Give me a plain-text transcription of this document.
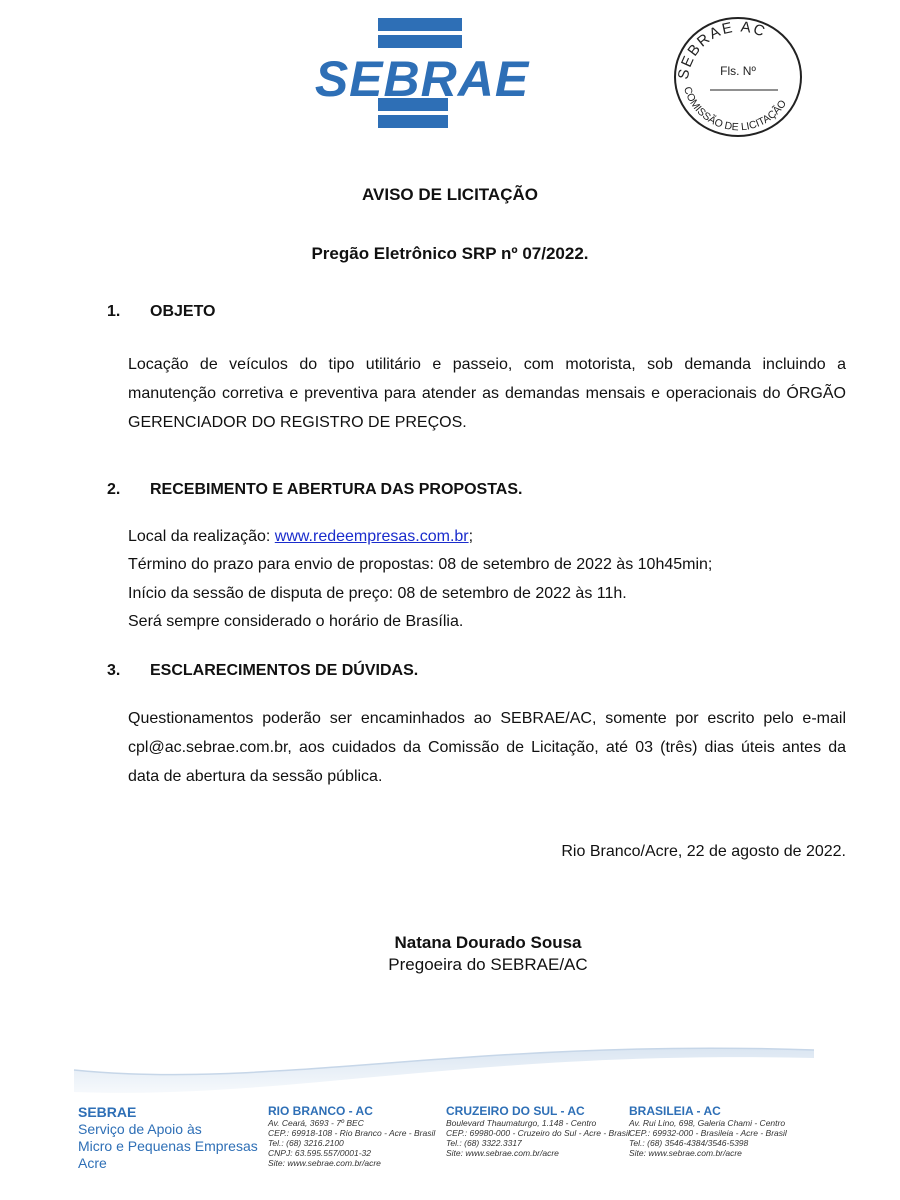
SEBRAE	SEBRAE AC
COMISSÃO DE LICITAÇÃO
Fls. Nº
AVISO DE LICITAÇÃO
Pregão Eletrônico SRP nº 07/2022.
1. OBJETO
Locação de veículos do tipo utilitário e passeio, com motorista, sob demanda incluindo a manutenção corretiva e preventiva para atender as demandas mensais e operacionais do ÓRGÃO GERENCIADOR DO REGISTRO DE PREÇOS.
2. RECEBIMENTO E ABERTURA DAS PROPOSTAS.
Local da realização: www.redeempresas.com.br;
Término do prazo para envio de propostas: 08 de setembro de 2022 às 10h45min;
Início da sessão de disputa de preço: 08 de setembro de 2022 às 11h.
Será sempre considerado o horário de Brasília.
3. ESCLARECIMENTOS DE DÚVIDAS.
Questionamentos poderão ser encaminhados ao SEBRAE/AC, somente por escrito pelo e-mail cpl@ac.sebrae.com.br, aos cuidados da Comissão de Licitação, até 03 (três) dias úteis antes da data de abertura da sessão pública.
Rio Branco/Acre, 22 de agosto de 2022.
Natana Dourado Sousa
Pregoeira do SEBRAE/AC
SEBRAE
Serviço de Apoio às
Micro e Pequenas Empresas
Acre
RIO BRANCO - AC
Av. Ceará, 3693 - 7º BEC
CEP.: 69918-108 - Rio Branco - Acre - Brasil
Tel.: (68) 3216.2100
CNPJ: 63.595.557/0001-32
Site: www.sebrae.com.br/acre
CRUZEIRO DO SUL - AC
Boulevard Thaumaturgo, 1.148 - Centro
CEP.: 69980-000 - Cruzeiro do Sul - Acre - Brasil
Tel.: (68) 3322.3317
Site: www.sebrae.com.br/acre
BRASILEIA - AC
Av. Rui Lino, 698, Galeria Chami - Centro
CEP.: 69932-000 - Brasileia - Acre - Brasil
Tel.: (68) 3546-4384/3546-5398
Site: www.sebrae.com.br/acre
